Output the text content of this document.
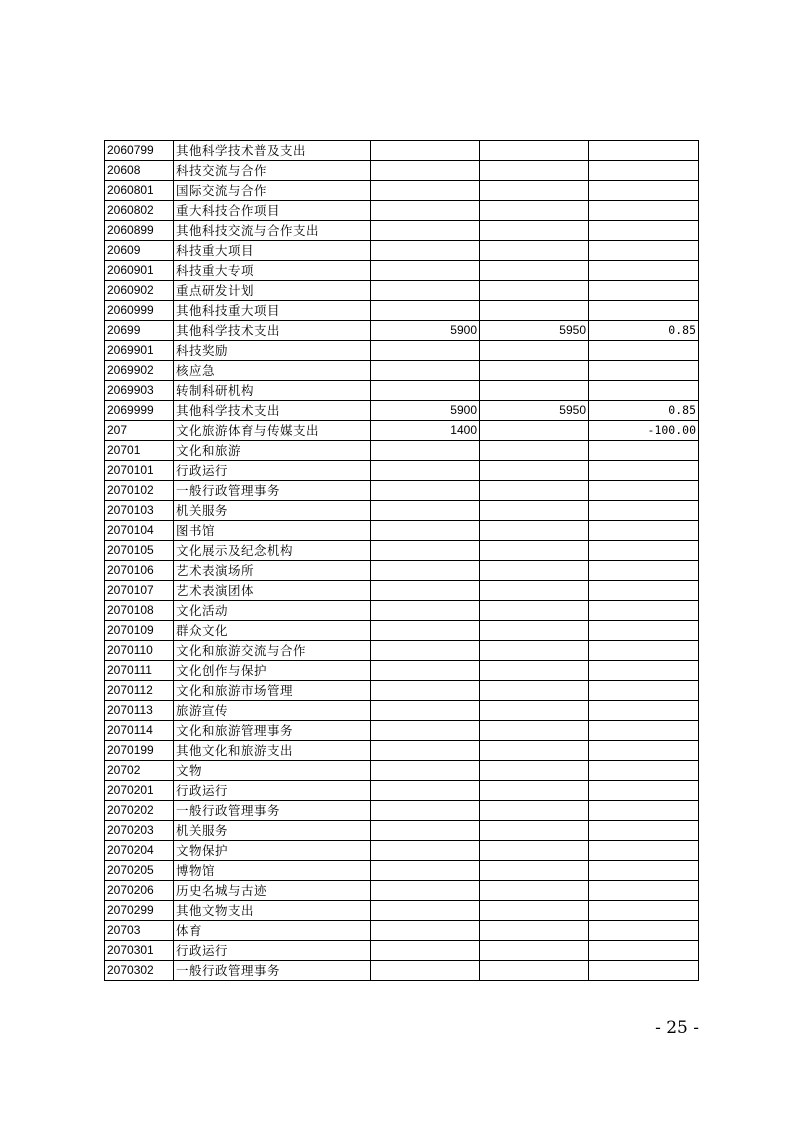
2060799	其他科学技术普及支出			
20608	科技交流与合作			
2060801	国际交流与合作			
2060802	重大科技合作项目			
2060899	其他科技交流与合作支出			
20609	科技重大项目			
2060901	科技重大专项			
2060902	重点研发计划			
2060999	其他科技重大项目			
20699	其他科学技术支出	5900	5950	0.85
2069901	科技奖励			
2069902	核应急			
2069903	转制科研机构			
2069999	其他科学技术支出	5900	5950	0.85
207	文化旅游体育与传媒支出	1400		-100.00
20701	文化和旅游			
2070101	行政运行			
2070102	一般行政管理事务			
2070103	机关服务			
2070104	图书馆			
2070105	文化展示及纪念机构			
2070106	艺术表演场所			
2070107	艺术表演团体			
2070108	文化活动			
2070109	群众文化			
2070110	文化和旅游交流与合作			
2070111	文化创作与保护			
2070112	文化和旅游市场管理			
2070113	旅游宣传			
2070114	文化和旅游管理事务			
2070199	其他文化和旅游支出			
20702	文物			
2070201	行政运行			
2070202	一般行政管理事务			
2070203	机关服务			
2070204	文物保护			
2070205	博物馆			
2070206	历史名城与古迹			
2070299	其他文物支出			
20703	体育			
2070301	行政运行			
2070302	一般行政管理事务			
- 25 -
